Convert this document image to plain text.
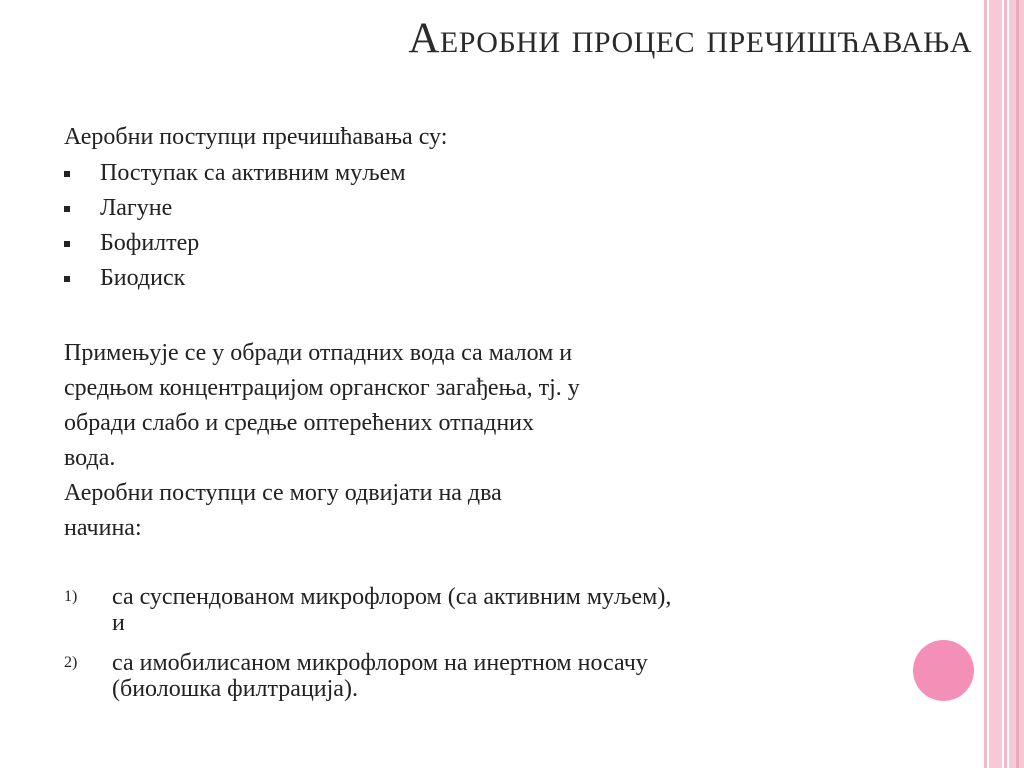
Аеробни процес пречишћавања
Аеробни поступци пречишћавања су:
Поступак са активним муљем
Лагуне
Бофилтер
Биодиск

Примењује се у обради отпадних вода са малом и

средњом концентрацијом органског загађења, тј. у

обради слабо и средње оптерећених отпадних

вода.

Аеробни поступци се могу одвијати на два

начина:

1)	са суспендованом микрофлором (са активним муљем),
и
2)	са имобилисаном микрофлором на инертном носачу
(биолошка филтрација).
